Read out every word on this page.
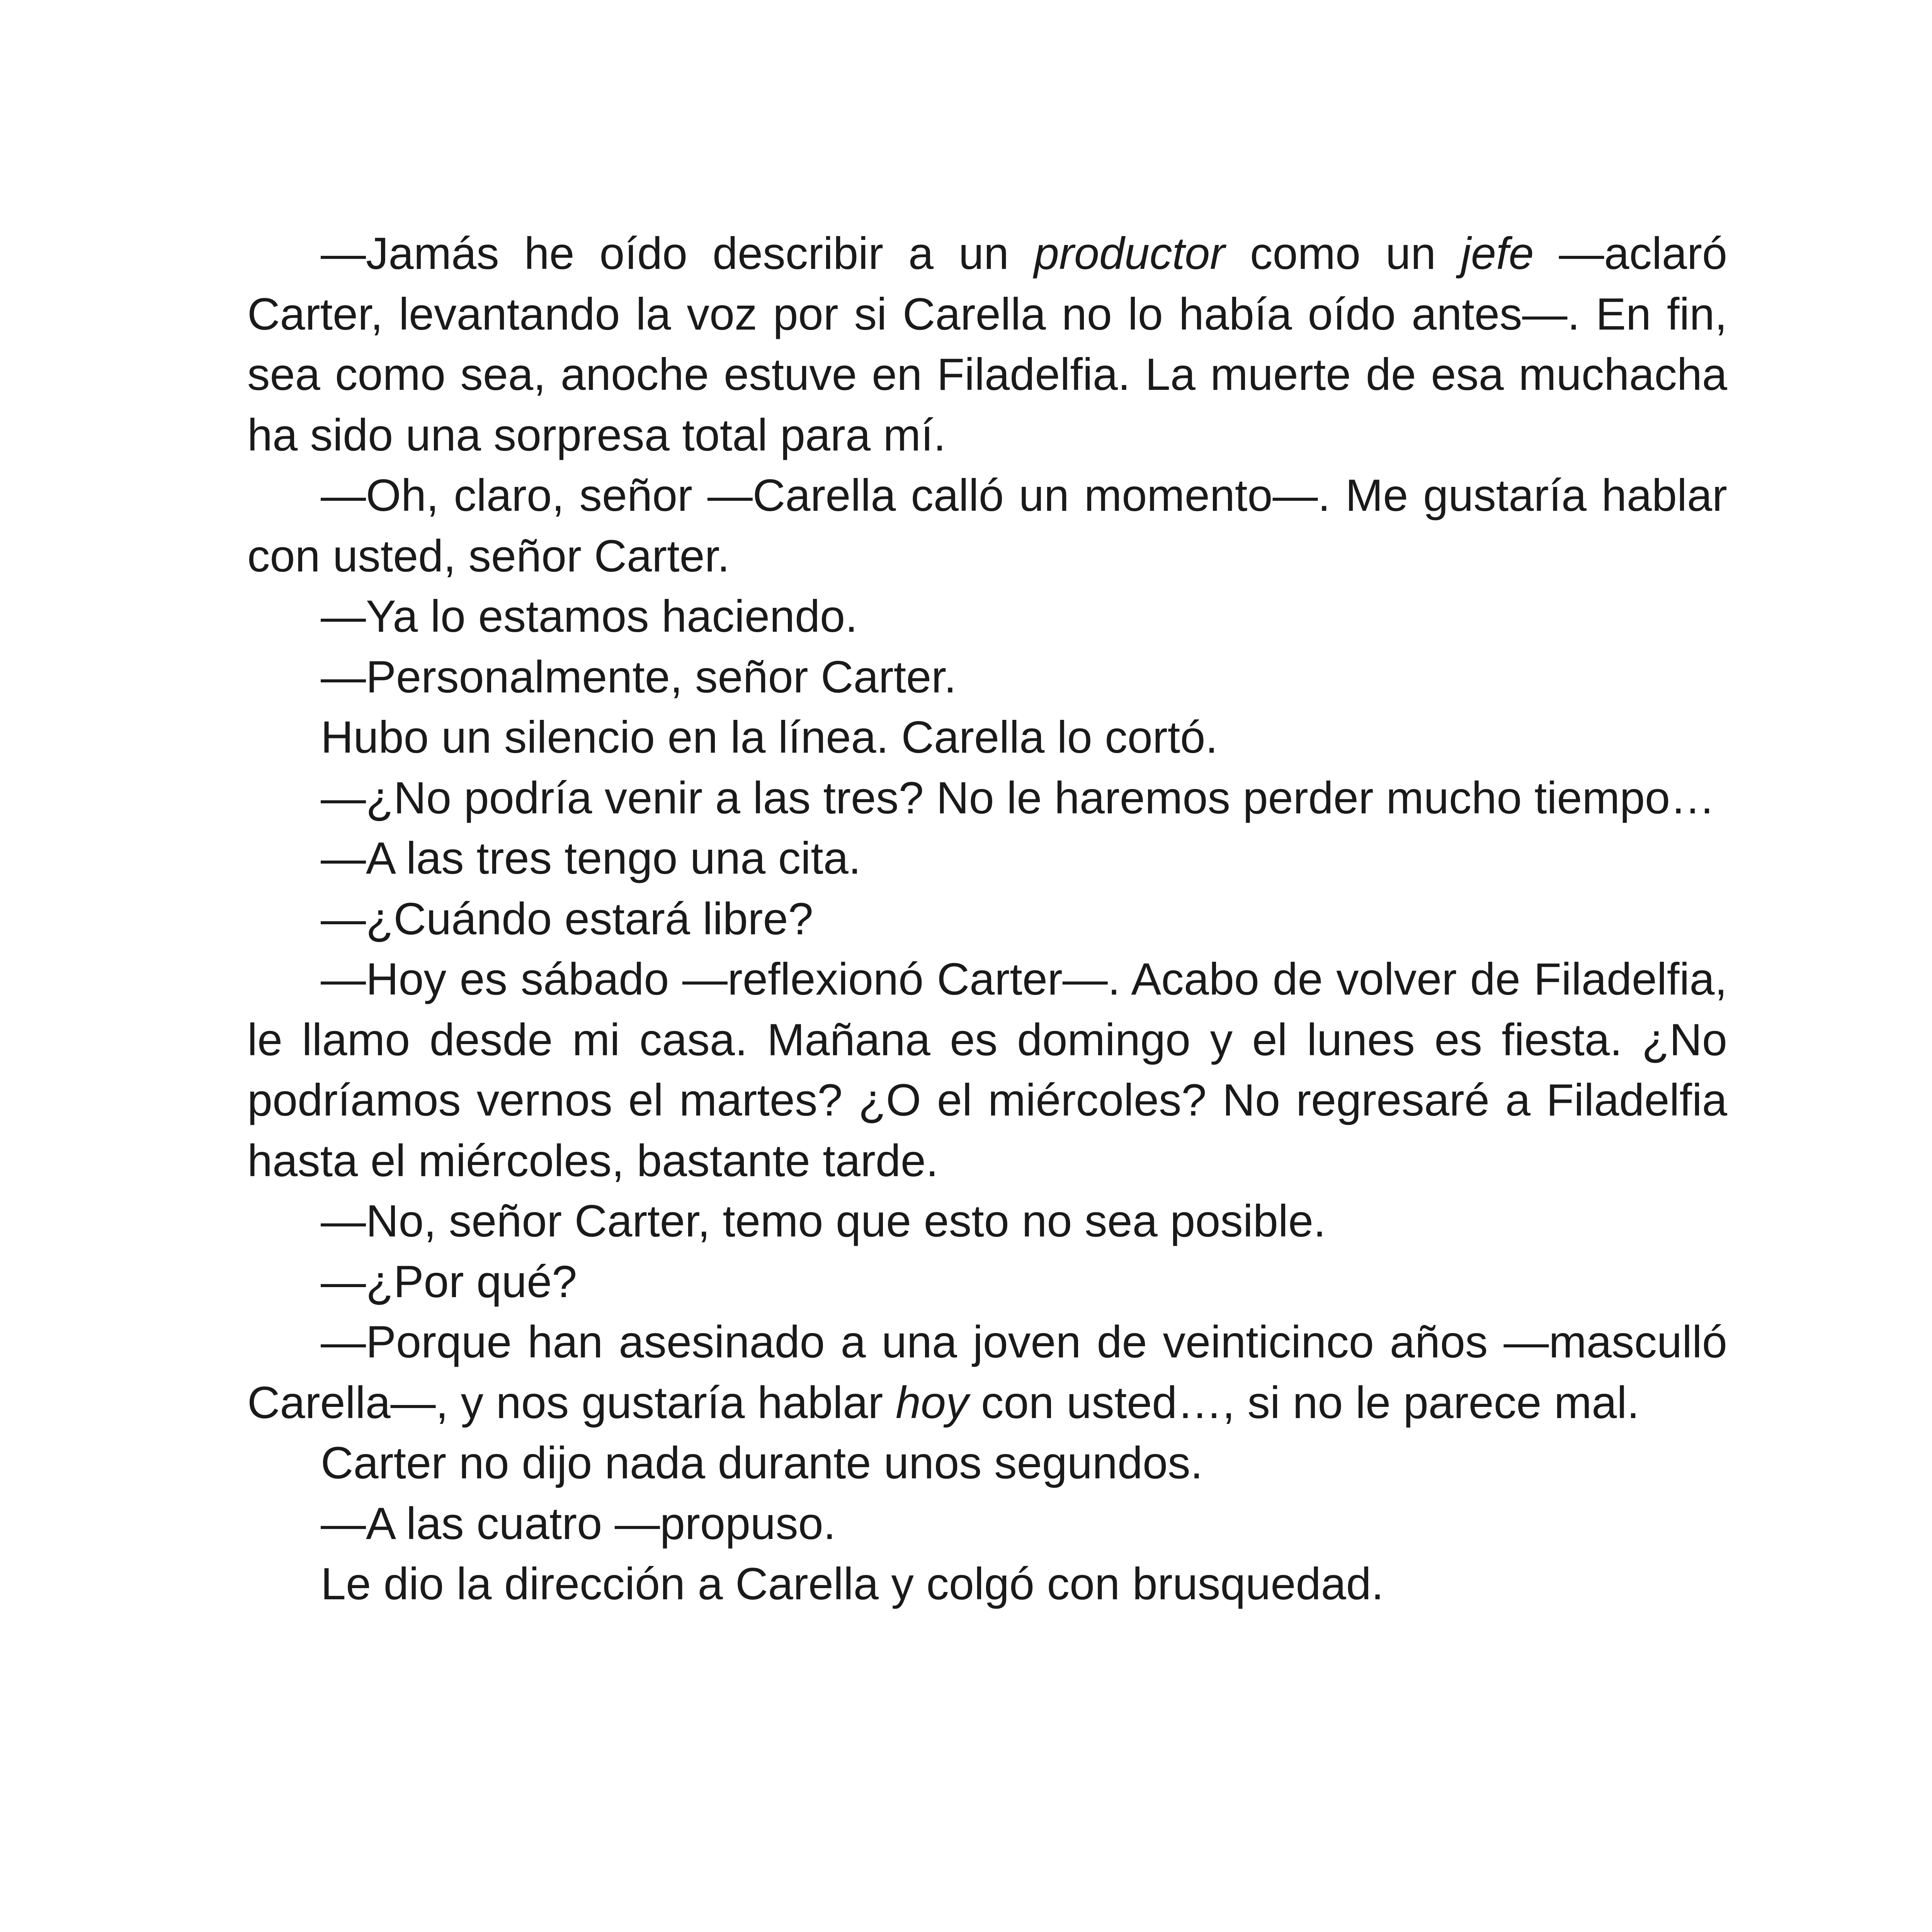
—Jamás he oído describir a un productor como un jefe —aclaró Carter, levantando la voz por si Carella no lo había oído antes—. En fin, sea como sea, anoche estuve en Filadelfia. La muerte de esa muchacha ha sido una sorpresa total para mí.

—Oh, claro, señor —Carella calló un momento—. Me gustaría hablar con usted, señor Carter.

—Ya lo estamos haciendo.

—Personalmente, señor Carter.

Hubo un silencio en la línea. Carella lo cortó.

—¿No podría venir a las tres? No le haremos perder mucho tiempo…

—A las tres tengo una cita.

—¿Cuándo estará libre?

—Hoy es sábado —reflexionó Carter—. Acabo de volver de Filadelfia, le llamo desde mi casa. Mañana es domingo y el lunes es fiesta. ¿No podríamos vernos el martes? ¿O el miércoles? No regresaré a Filadelfia hasta el miércoles, bastante tarde.

—No, señor Carter, temo que esto no sea posible.

—¿Por qué?

—Porque han asesinado a una joven de veinticinco años —masculló Carella—, y nos gustaría hablar hoy con usted…, si no le parece mal.

Carter no dijo nada durante unos segundos.

—A las cuatro —propuso.

Le dio la dirección a Carella y colgó con brusquedad.
